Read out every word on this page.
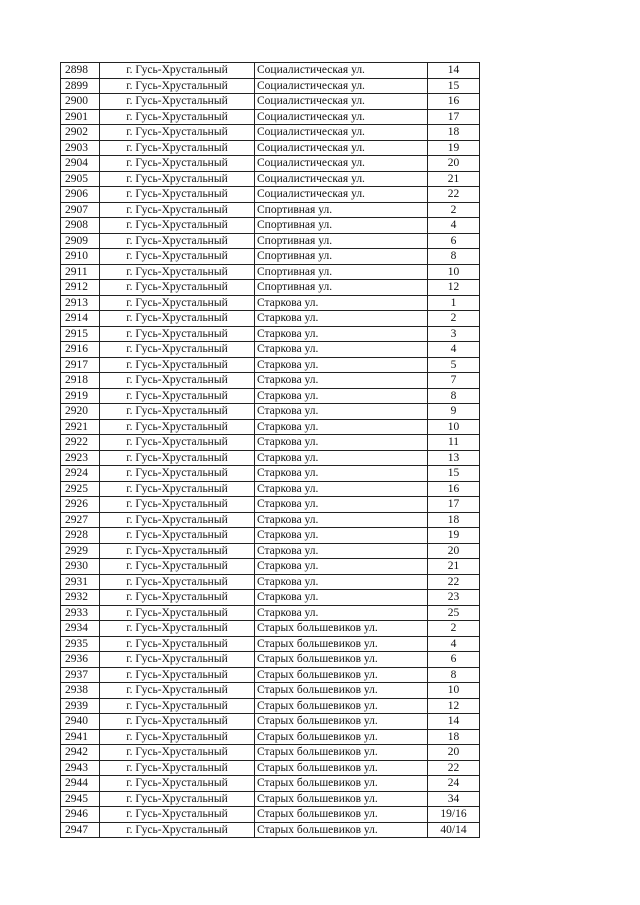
2898	г. Гусь-Хрустальный	Социалистическая ул.	14
2899	г. Гусь-Хрустальный	Социалистическая ул.	15
2900	г. Гусь-Хрустальный	Социалистическая ул.	16
2901	г. Гусь-Хрустальный	Социалистическая ул.	17
2902	г. Гусь-Хрустальный	Социалистическая ул.	18
2903	г. Гусь-Хрустальный	Социалистическая ул.	19
2904	г. Гусь-Хрустальный	Социалистическая ул.	20
2905	г. Гусь-Хрустальный	Социалистическая ул.	21
2906	г. Гусь-Хрустальный	Социалистическая ул.	22
2907	г. Гусь-Хрустальный	Спортивная ул.	2
2908	г. Гусь-Хрустальный	Спортивная ул.	4
2909	г. Гусь-Хрустальный	Спортивная ул.	6
2910	г. Гусь-Хрустальный	Спортивная ул.	8
2911	г. Гусь-Хрустальный	Спортивная ул.	10
2912	г. Гусь-Хрустальный	Спортивная ул.	12
2913	г. Гусь-Хрустальный	Старкова ул.	1
2914	г. Гусь-Хрустальный	Старкова ул.	2
2915	г. Гусь-Хрустальный	Старкова ул.	3
2916	г. Гусь-Хрустальный	Старкова ул.	4
2917	г. Гусь-Хрустальный	Старкова ул.	5
2918	г. Гусь-Хрустальный	Старкова ул.	7
2919	г. Гусь-Хрустальный	Старкова ул.	8
2920	г. Гусь-Хрустальный	Старкова ул.	9
2921	г. Гусь-Хрустальный	Старкова ул.	10
2922	г. Гусь-Хрустальный	Старкова ул.	11
2923	г. Гусь-Хрустальный	Старкова ул.	13
2924	г. Гусь-Хрустальный	Старкова ул.	15
2925	г. Гусь-Хрустальный	Старкова ул.	16
2926	г. Гусь-Хрустальный	Старкова ул.	17
2927	г. Гусь-Хрустальный	Старкова ул.	18
2928	г. Гусь-Хрустальный	Старкова ул.	19
2929	г. Гусь-Хрустальный	Старкова ул.	20
2930	г. Гусь-Хрустальный	Старкова ул.	21
2931	г. Гусь-Хрустальный	Старкова ул.	22
2932	г. Гусь-Хрустальный	Старкова ул.	23
2933	г. Гусь-Хрустальный	Старкова ул.	25
2934	г. Гусь-Хрустальный	Старых большевиков ул.	2
2935	г. Гусь-Хрустальный	Старых большевиков ул.	4
2936	г. Гусь-Хрустальный	Старых большевиков ул.	6
2937	г. Гусь-Хрустальный	Старых большевиков ул.	8
2938	г. Гусь-Хрустальный	Старых большевиков ул.	10
2939	г. Гусь-Хрустальный	Старых большевиков ул.	12
2940	г. Гусь-Хрустальный	Старых большевиков ул.	14
2941	г. Гусь-Хрустальный	Старых большевиков ул.	18
2942	г. Гусь-Хрустальный	Старых большевиков ул.	20
2943	г. Гусь-Хрустальный	Старых большевиков ул.	22
2944	г. Гусь-Хрустальный	Старых большевиков ул.	24
2945	г. Гусь-Хрустальный	Старых большевиков ул.	34
2946	г. Гусь-Хрустальный	Старых большевиков ул.	19/16
2947	г. Гусь-Хрустальный	Старых большевиков ул.	40/14
